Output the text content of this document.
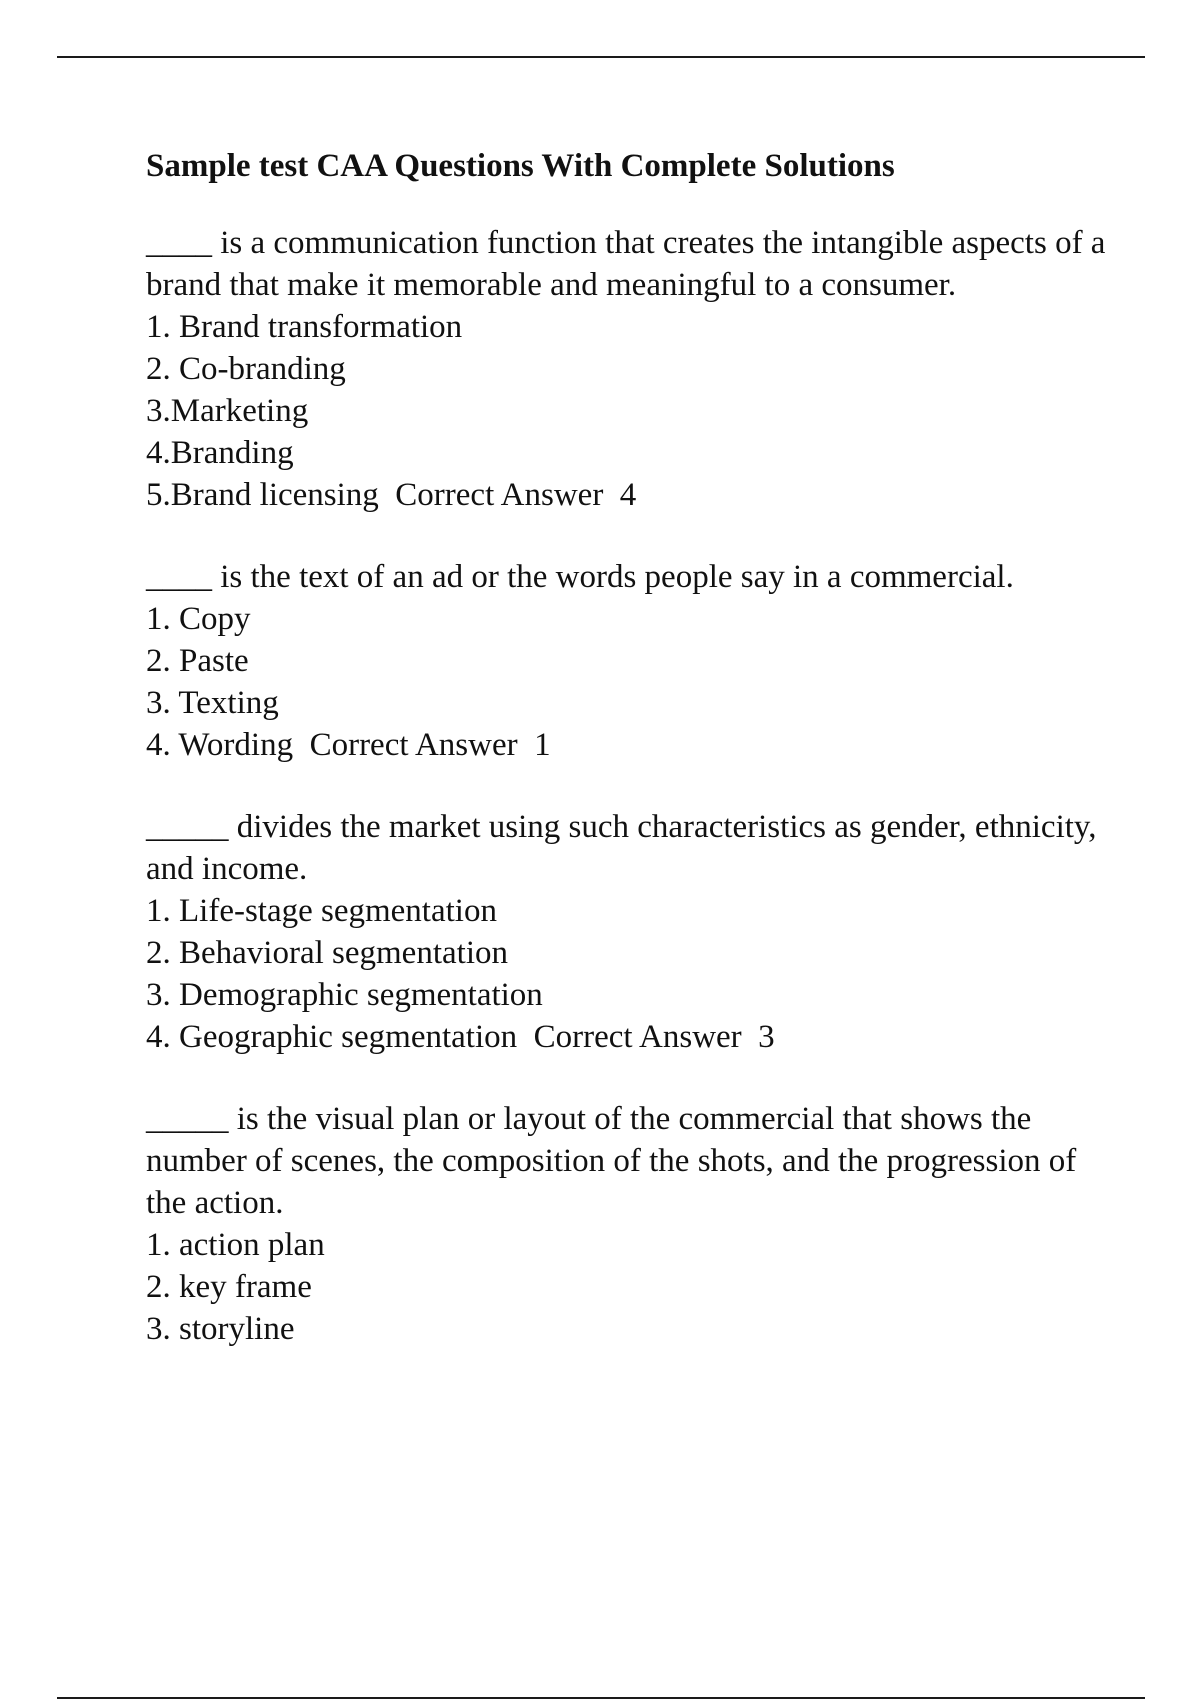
Sample test CAA Questions With Complete Solutions

____ is a communication function that creates the intangible aspects of a brand that make it memorable and meaningful to a consumer.

1. Brand transformation

2. Co-branding

3.Marketing

4.Branding

5.Brand licensing  Correct Answer  4

____ is the text of an ad or the words people say in a commercial.

1. Copy

2. Paste

3. Texting

4. Wording  Correct Answer  1

_____ divides the market using such characteristics as gender, ethnicity, and income.

1. Life-stage segmentation

2. Behavioral segmentation

3. Demographic segmentation

4. Geographic segmentation  Correct Answer  3

_____ is the visual plan or layout of the commercial that shows the number of scenes, the composition of the shots, and the progression of the action.

1. action plan

2. key frame

3. storyline
